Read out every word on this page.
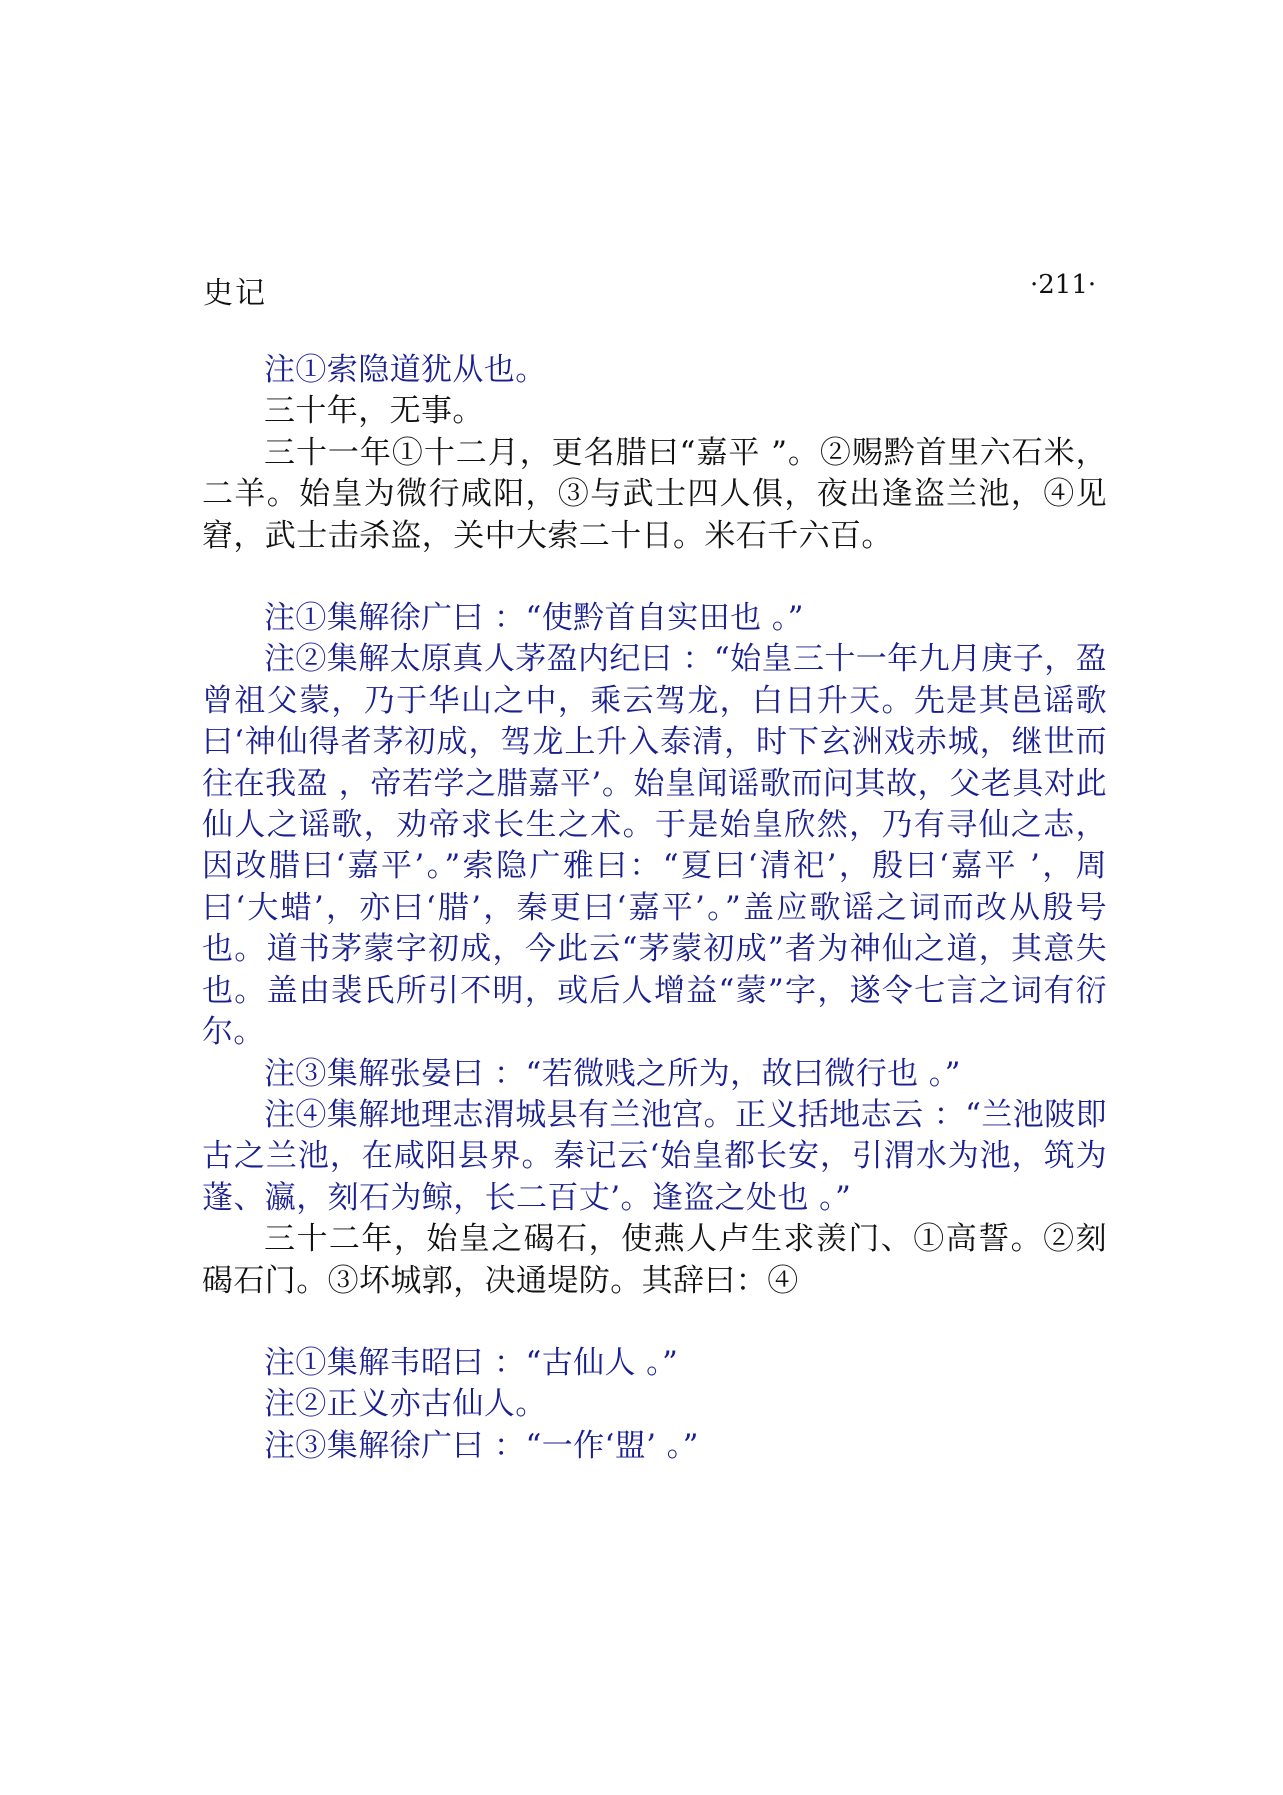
史记	·211·

注①索隐道犹从也。

三十年，无事。

三十一年①十二月，更名腊曰“嘉平 ”。②赐黔首里六石米，二羊。始皇为微行咸阳，③与武士四人俱，夜出逢盗兰池，④见窘，武士击杀盗，关中大索二十日。米石千六百。

注①集解徐广曰 ：“使黔首自实田也 。”

注②集解太原真人茅盈内纪曰 ：“始皇三十一年九月庚子，盈曾祖父蒙，乃于华山之中，乘云驾龙，白日升天。先是其邑谣歌曰‘神仙得者茅初成，驾龙上升入泰清，时下玄洲戏赤城，继世而往在我盈 ，帝若学之腊嘉平’。始皇闻谣歌而问其故，父老具对此仙人之谣歌，劝帝求长生之术。于是始皇欣然，乃有寻仙之志，因改腊曰‘嘉平’。”索隐广雅曰：“夏曰‘清祀’，殷曰‘嘉平 ’，周曰‘大蜡’，亦曰‘腊’，秦更曰‘嘉平’。”盖应歌谣之词而改从殷号也。道书茅蒙字初成，今此云“茅蒙初成”者为神仙之道，其意失也。盖由裴氏所引不明，或后人增益“蒙”字，遂令七言之词有衍尔。

注③集解张晏曰 ：“若微贱之所为，故曰微行也 。”

注④集解地理志渭城县有兰池宫。正义括地志云 ：“兰池陂即古之兰池，在咸阳县界。秦记云‘始皇都长安，引渭水为池，筑为蓬、瀛，刻石为鲸，长二百丈’。逢盗之处也 。”

三十二年，始皇之碣石，使燕人卢生求羡门、①高誓。②刻碣石门。③坏城郭，决通堤防。其辞曰：④

注①集解韦昭曰 ：“古仙人 。”

注②正义亦古仙人。

注③集解徐广曰 ：“一作‘盟’ 。”
